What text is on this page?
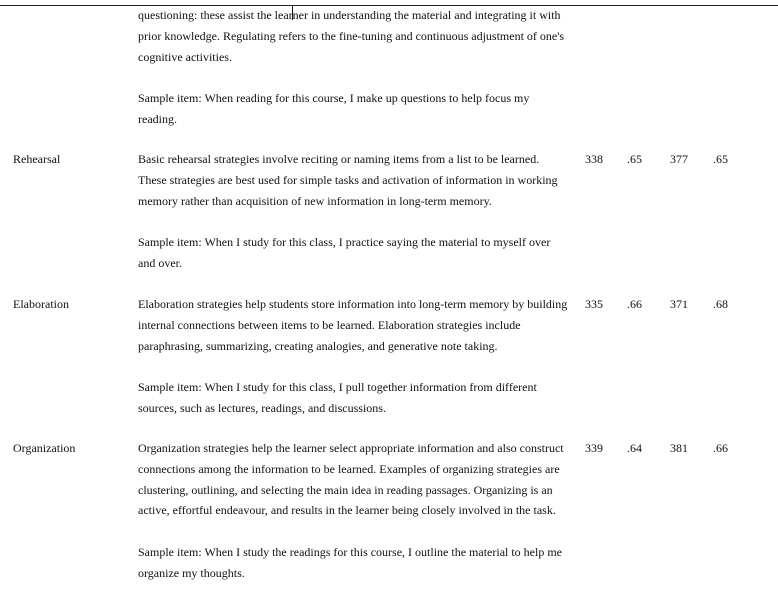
questioning: these assist the learner in understanding the material and integrating it with
prior knowledge. Regulating refers to the fine-tuning and continuous adjustment of one's
cognitive activities.
Sample item: When reading for this course, I make up questions to help focus my
reading.
Rehearsal	Basic rehearsal strategies involve reciting or naming items from a list to be learned.
These strategies are best used for simple tasks and activation of information in working
memory rather than acquisition of new information in long-term memory.
338 .65 377 .65
Sample item: When I study for this class, I practice saying the material to myself over
and over.
Elaboration	Elaboration strategies help students store information into long-term memory by building
internal connections between items to be learned. Elaboration strategies include
paraphrasing, summarizing, creating analogies, and generative note taking.
335 .66 371 .68
Sample item: When I study for this class, I pull together information from different
sources, such as lectures, readings, and discussions.
Organization	Organization strategies help the learner select appropriate information and also construct
connections among the information to be learned. Examples of organizing strategies are
clustering, outlining, and selecting the main idea in reading passages. Organizing is an
active, effortful endeavour, and results in the learner being closely involved in the task.
339 .64 381 .66
Sample item: When I study the readings for this course, I outline the material to help me
organize my thoughts.
